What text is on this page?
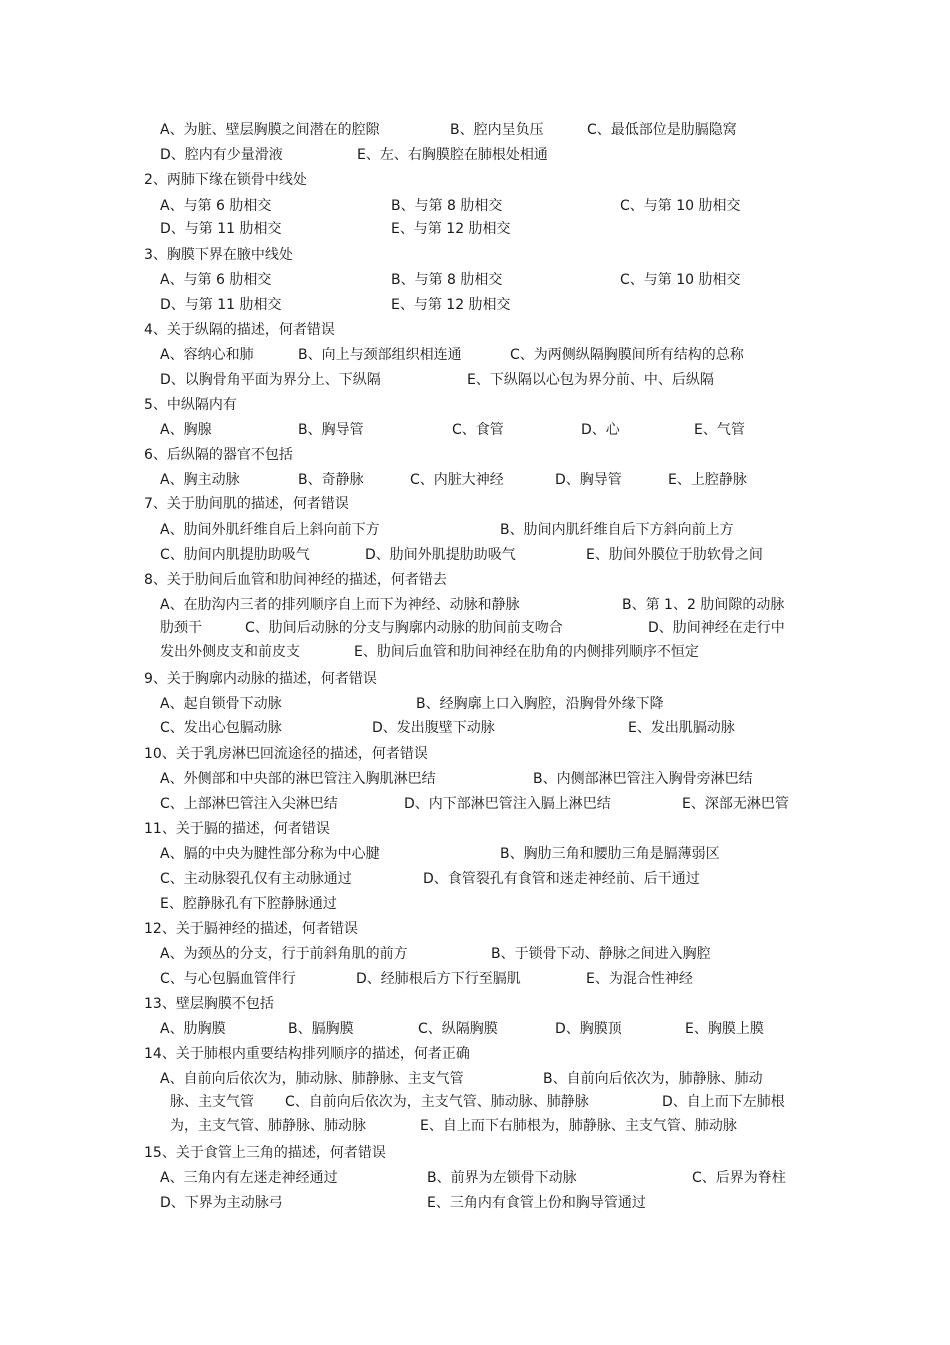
A、为脏、壁层胸膜之间潜在的腔隙	B、腔内呈负压	C、最低部位是肋膈隐窝
D、腔内有少量滑液	E、左、右胸膜腔在肺根处相通
2、两肺下缘在锁骨中线处
A、与第 6 肋相交	B、与第 8 肋相交	C、与第 10 肋相交
D、与第 11 肋相交	E、与第 12 肋相交
3、胸膜下界在腋中线处
A、与第 6 肋相交	B、与第 8 肋相交	C、与第 10 肋相交
D、与第 11 肋相交	E、与第 12 肋相交
4、关于纵隔的描述，何者错误
A、容纳心和肺	B、向上与颈部组织相连通	C、为两侧纵隔胸膜间所有结构的总称
D、以胸骨角平面为界分上、下纵隔	E、下纵隔以心包为界分前、中、后纵隔
5、中纵隔内有
A、胸腺	B、胸导管	C、食管	D、心	E、气管
6、后纵隔的器官不包括
A、胸主动脉	B、奇静脉	C、内脏大神经	D、胸导管	E、上腔静脉
7、关于肋间肌的描述，何者错误
A、肋间外肌纤维自后上斜向前下方	B、肋间内肌纤维自后下方斜向前上方
C、肋间内肌提肋助吸气	D、肋间外肌提肋助吸气	E、肋间外膜位于肋软骨之间
8、关于肋间后血管和肋间神经的描述，何者错去
A、在肋沟内三者的排列顺序自上而下为神经、动脉和静脉	B、第 1、2 肋间隙的动脉
肋颈干	C、肋间后动脉的分支与胸廓内动脉的肋间前支吻合	D、肋间神经在走行中
发出外侧皮支和前皮支	E、肋间后血管和肋间神经在肋角的内侧排列顺序不恒定
9、关于胸廓内动脉的描述，何者错误
A、起自锁骨下动脉	B、经胸廓上口入胸腔，沿胸骨外缘下降
C、发出心包膈动脉	D、发出腹壁下动脉	E、发出肌膈动脉
10、关于乳房淋巴回流途径的描述，何者错误
A、外侧部和中央部的淋巴管注入胸肌淋巴结	B、内侧部淋巴管注入胸骨旁淋巴结
C、上部淋巴管注入尖淋巴结	D、内下部淋巴管注入膈上淋巴结	E、深部无淋巴管
11、关于膈的描述，何者错误
A、膈的中央为腱性部分称为中心腱	B、胸肋三角和腰肋三角是膈薄弱区
C、主动脉裂孔仅有主动脉通过	D、食管裂孔有食管和迷走神经前、后干通过
E、腔静脉孔有下腔静脉通过
12、关于膈神经的描述，何者错误
A、为颈丛的分支，行于前斜角肌的前方	B、于锁骨下动、静脉之间进入胸腔
C、与心包膈血管伴行	D、经肺根后方下行至膈肌	E、为混合性神经
13、壁层胸膜不包括
A、肋胸膜	B、膈胸膜	C、纵隔胸膜	D、胸膜顶	E、胸膜上膜
14、关于肺根内重要结构排列顺序的描述，何者正确
A、自前向后依次为，肺动脉、肺静脉、主支气管	B、自前向后依次为，肺静脉、肺动
脉、主支气管 C、自前向后依次为，主支气管、肺动脉、肺静脉	D、自上而下左肺根
为，主支气管、肺静脉、肺动脉	E、自上而下右肺根为，肺静脉、主支气管、肺动脉
15、关于食管上三角的描述，何者错误
A、三角内有左迷走神经通过	B、前界为左锁骨下动脉	C、后界为脊柱
D、下界为主动脉弓	E、三角内有食管上份和胸导管通过
